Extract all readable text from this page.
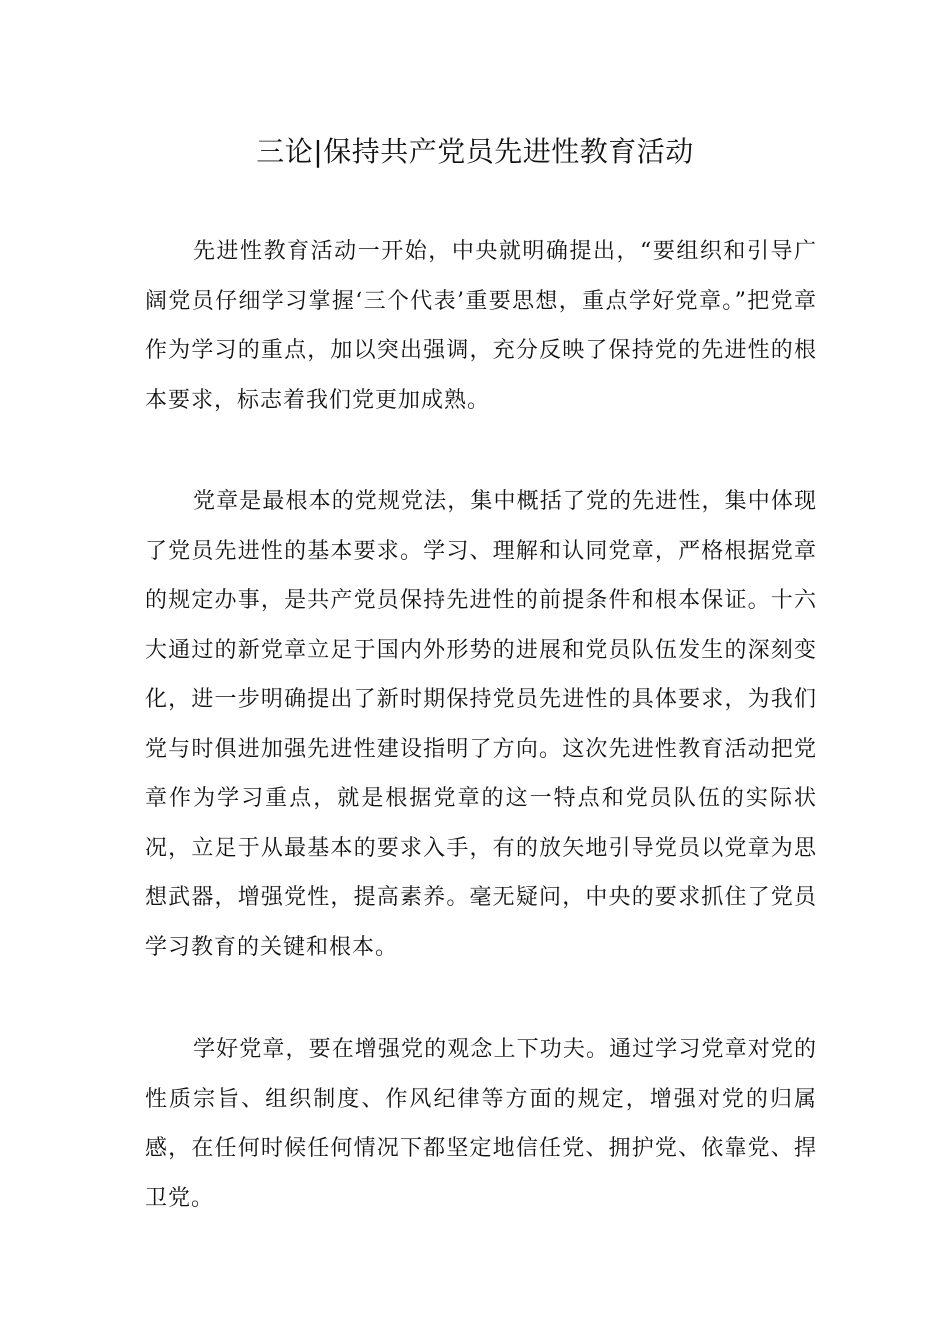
三论|保持共产党员先进性教育活动

先进性教育活动一开始，中央就明确提出，“要组织和引导广阔党员仔细学习掌握‘三个代表’重要思想，重点学好党章。”把党章作为学习的重点，加以突出强调，充分反映了保持党的先进性的根本要求，标志着我们党更加成熟。

党章是最根本的党规党法，集中概括了党的先进性，集中体现了党员先进性的基本要求。学习、理解和认同党章，严格根据党章的规定办事，是共产党员保持先进性的前提条件和根本保证。十六大通过的新党章立足于国内外形势的进展和党员队伍发生的深刻变化，进一步明确提出了新时期保持党员先进性的具体要求，为我们党与时俱进加强先进性建设指明了方向。这次先进性教育活动把党章作为学习重点，就是根据党章的这一特点和党员队伍的实际状况，立足于从最基本的要求入手，有的放矢地引导党员以党章为思想武器，增强党性，提高素养。毫无疑问，中央的要求抓住了党员学习教育的关键和根本。

学好党章，要在增强党的观念上下功夫。通过学习党章对党的性质宗旨、组织制度、作风纪律等方面的规定，增强对党的归属感，在任何时候任何情况下都坚定地信任党、拥护党、依靠党、捍卫党。
